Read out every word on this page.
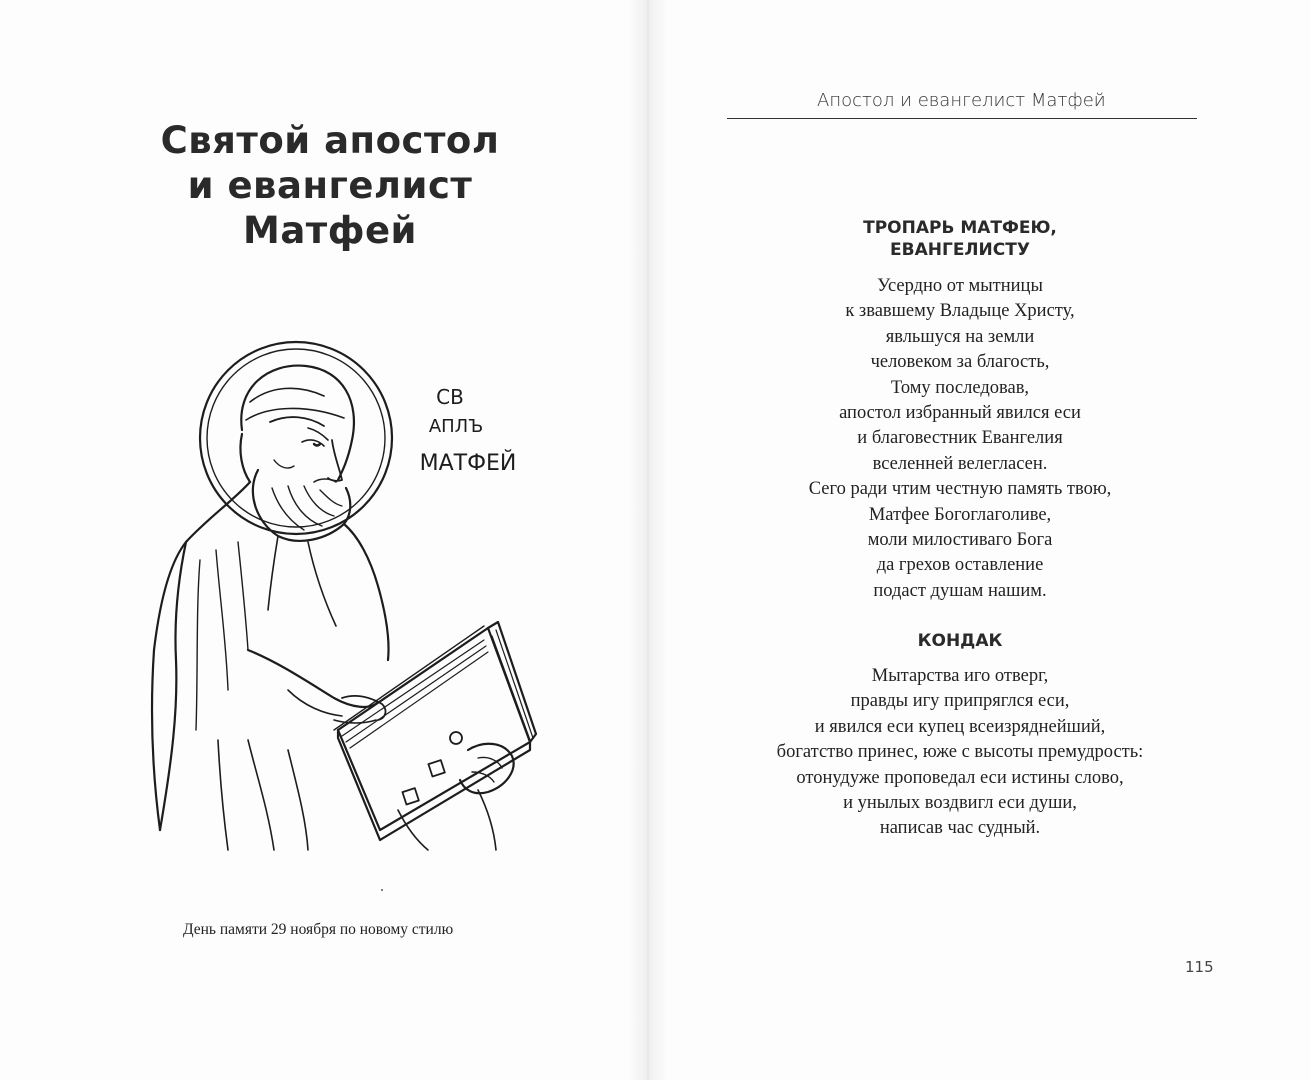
Святой апостол
и евангелист
Матфей
СВ
АПЛЪ
МАТФЕЙ
День памяти 29 ноября по новому стилю
Апостол и евангелист Матфей
ТРОПАРЬ МАТФЕЮ,
ЕВАНГЕЛИСТУ
Усердно от мытницы
к звавшему Владыце Христу,
явльшуся на земли
человеком за благость,
Тому последовав,
апостол избранный явился еси
и благовестник Евангелия
вселенней велегласен.
Сего ради чтим честную память твою,
Матфее Богоглаголиве,
моли милостиваго Бога
да грехов оставление
подаст душам нашим.
КОНДАК
Мытарства иго отверг,
правды игу припряглся еси,
и явился еси купец всеизряднейший,
богатство принес, юже с высоты премудрость:
отонудуже проповедал еси истины слово,
и унылых воздвигл еси души,
написав час судный.
115
